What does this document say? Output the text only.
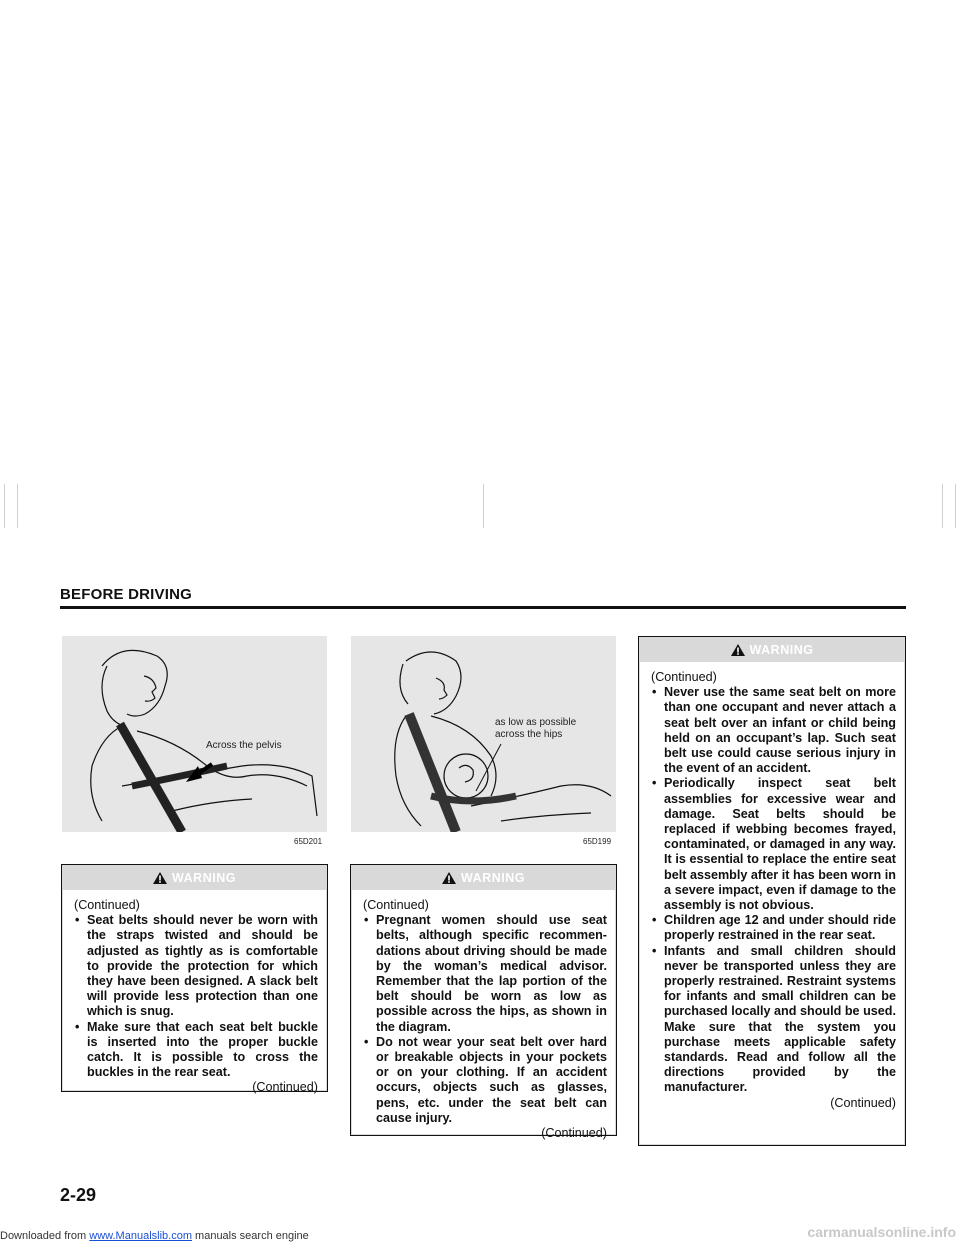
BEFORE DRIVING
Across the pelvis
65D201
as low as possible
across the hips
65D199
WARNING
(Continued)
• Seat belts should never be worn with the straps twisted and should be adjusted as tightly as is comfortable to provide the protection for which they have been designed. A slack belt will provide less protection than one which is snug.
• Make sure that each seat belt buckle is inserted into the proper buckle catch. It is possible to cross the buckles in the rear seat.
(Continued)
WARNING
(Continued)
• Pregnant women should use seat belts, although specific recommendations about driving should be made by the woman’s medical advisor. Remember that the lap portion of the belt should be worn as low as possible across the hips, as shown in the diagram.
• Do not wear your seat belt over hard or breakable objects in your pockets or on your clothing. If an accident occurs, objects such as glasses, pens, etc. under the seat belt can cause injury.
(Continued)
WARNING
(Continued)
• Never use the same seat belt on more than one occupant and never attach a seat belt over an infant or child being held on an occupant’s lap. Such seat belt use could cause serious injury in the event of an accident.
• Periodically inspect seat belt assemblies for excessive wear and damage. Seat belts should be replaced if webbing becomes frayed, contaminated, or damaged in any way. It is essential to replace the entire seat belt assembly after it has been worn in a severe impact, even if damage to the assembly is not obvious.
• Children age 12 and under should ride properly restrained in the rear seat.
• Infants and small children should never be transported unless they are properly restrained. Restraint systems for infants and small children can be purchased locally and should be used. Make sure that the system you purchase meets applicable safety standards. Read and follow all the directions provided by the manufacturer.
(Continued)
2-29
Downloaded from www.Manualslib.com manuals search engine	carmanualsonline.info
